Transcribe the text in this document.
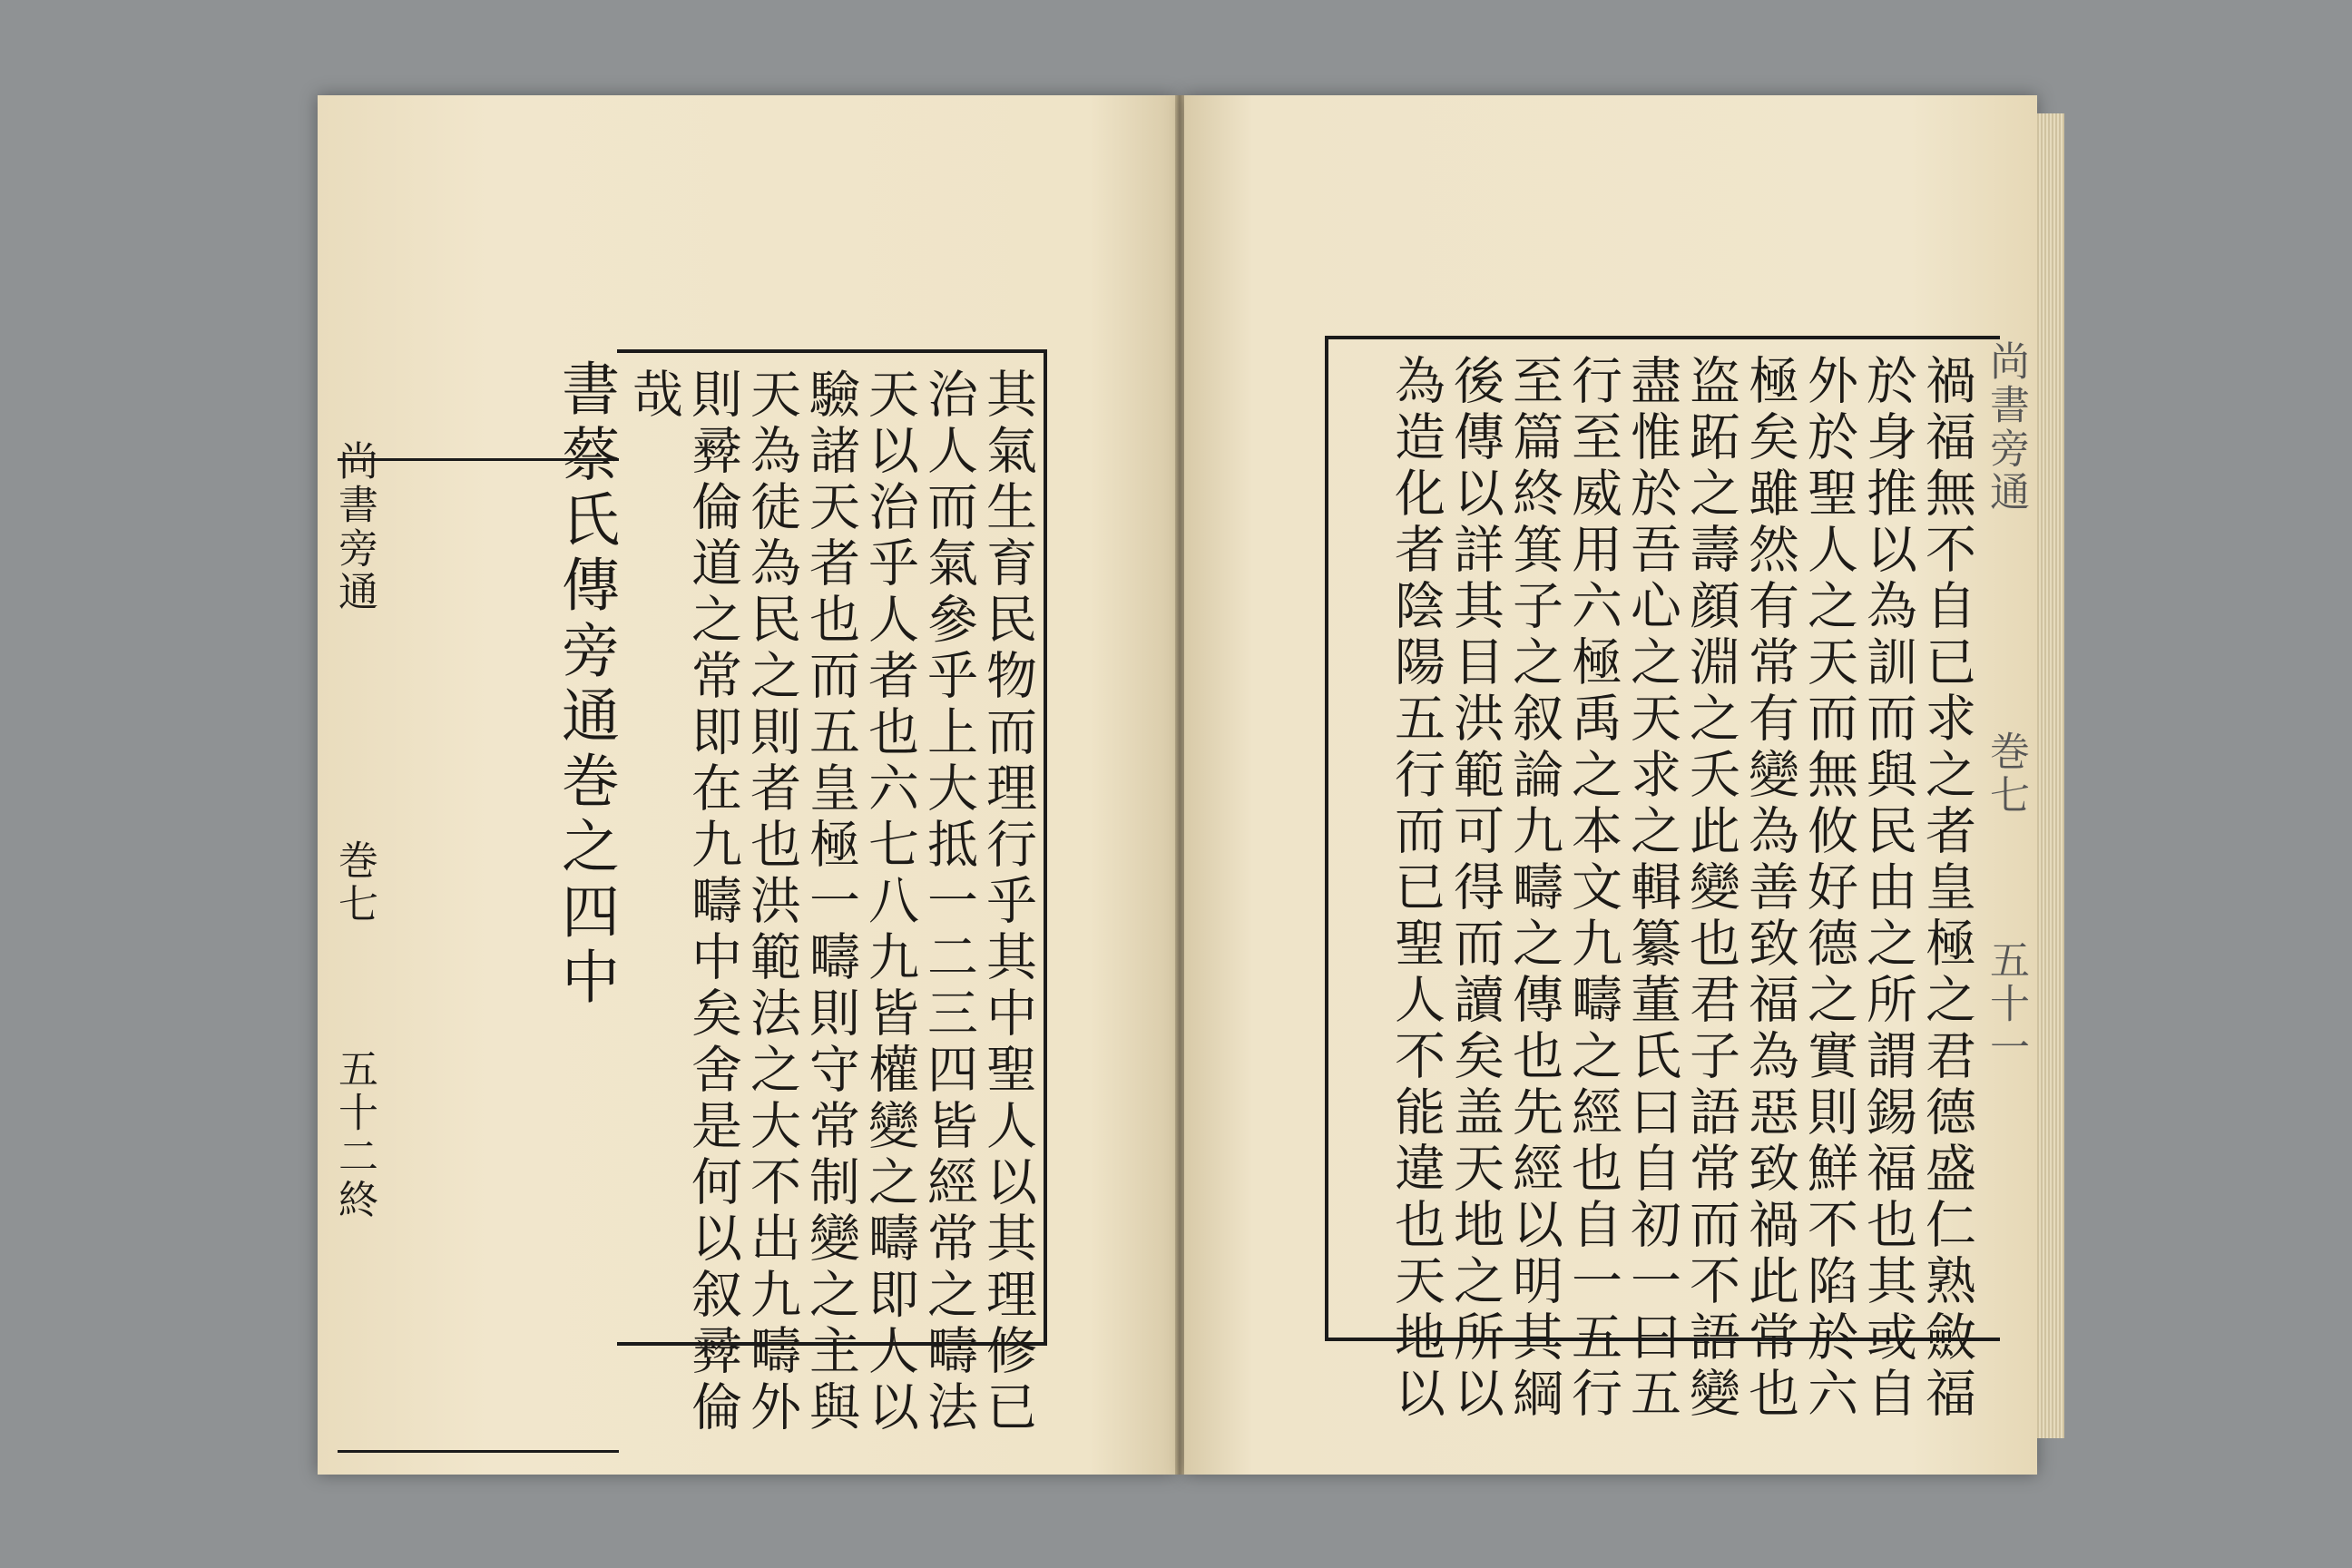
尚書旁通
巻七
五十二終
書蔡氏傳旁通巻之四中	其氣生育民物而理行乎其中聖人以其理修已
治人而氣參乎上大抵一二三四皆經常之疇法
天以治乎人者也六七八九皆權變之疇即人以
驗諸天者也而五皇極一疇則守常制變之主與
天為徒為民之則者也洪範法之大不出九疇外
則彛倫道之常即在九疇中矣舍是何以叙彛倫
哉	禍福無不自已求之者皇極之君德盛仁熟斂福
於身推以為訓而與民由之所謂錫福也其或自
外於聖人之天而無攸好德之實則鮮不陷於六
極矣雖然有常有變為善致福為惡致禍此常也
盗跖之壽顔淵之夭此變也君子語常而不語變
盡惟於吾心之天求之輯纂董氏曰自初一曰五
行至威用六極禹之本文九疇之經也自一五行
至篇終箕子之叙論九疇之傳也先經以明其綱
後傳以詳其目洪範可得而讀矣盖天地之所以
為造化者陰陽五行而已聖人不能違也天地以	尚書旁通
巻七
五十一
